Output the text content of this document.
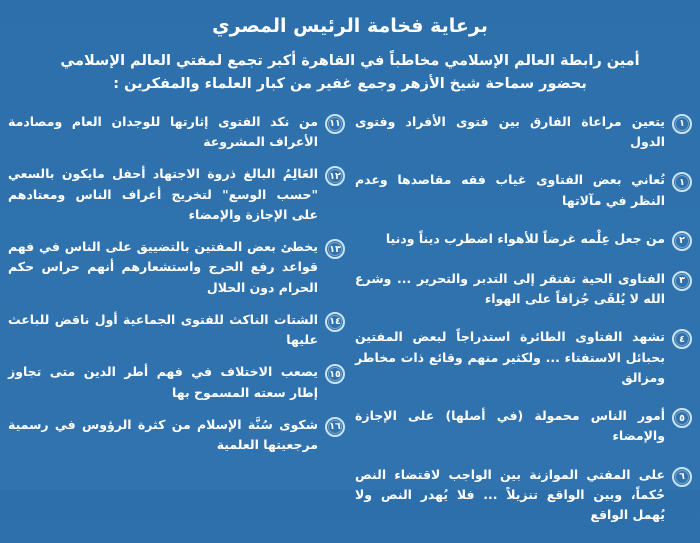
برعاية فخامة الرئيس المصري
أمين رابطة العالم الإسلامي مخاطباً في القاهرة أكبر تجمع لمفتي العالم الإسلامي
بحضور سماحة شيخ الأزهر وجمع غفير من كبار العلماء والمفكرين :
١
يتعين مراعاة الفارق بين فتوى الأفراد وفتوى الدول
١
تُعاني بعض الفتاوى غياب فقه مقاصدها وعدم النظر في مآلاتها
٢
من جعل عِلْمه غرضاً للأهواء اضطرب ديناً ودنيا
٣
الفتاوى الحية تفتقر إلى التدبر والتحرير ... وشرع الله لا يُلقَى جُزافاً على الهواء
٤
تشهد الفتاوى الطائرة استدراجاً لبعض المفتين بحبائل الاستفتاء ... ولكثير منهم وقائع ذات مخاطر ومزالق
٥
أمور الناس محمولة (في أصلها) على الإجازة والإمضاء
٦
على المفتي الموازنة بين الواجب لاقتضاء النص حُكماً، وبين الواقع تنزيلاً ... فلا يُهدر النص ولا يُهمل الواقع
١١
من نكد الفتوى إثارتها للوجدان العام ومصادمة الأعراف المشروعة
١٢
العَالِمُ البالغ ذروة الاجتهاد أحفل مايكون بالسعي "حسب الوسع" لتخريج أعراف الناس ومعتادهم على الإجازة والإمضاء
١٣
يخطئ بعض المفتين بالتضييق على الناس في فهم قواعد رفع الحرج واستشعارهم أنهم حراس حكم الحرام دون الحلال
١٤
الشتات الناكث للفتوى الجماعية أول ناقض للباعث عليها
١٥
يصعب الاختلاف في فهم أطر الدين متى تجاوز إطار سعته المسموح بها
١٦
شكوى سُنَّة الإسلام من كثرة الرؤوس في رسمية مرجعيتها العلمية
